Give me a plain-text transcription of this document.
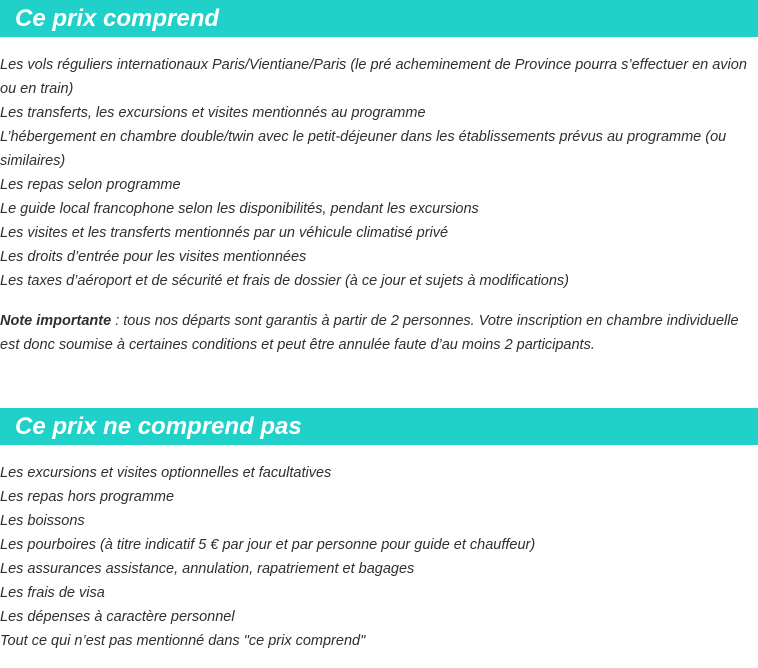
Ce prix comprend

Les vols réguliers internationaux Paris/Vientiane/Paris (le pré acheminement de Province pourra s’effectuer en avion ou en train)

Les transferts, les excursions et visites mentionnés au programme

L’hébergement en chambre double/twin avec le petit-déjeuner dans les établissements prévus au programme (ou similaires)

Les repas selon programme

Le guide local francophone selon les disponibilités, pendant les excursions

Les visites et les transferts mentionnés par un véhicule climatisé privé

Les droits d’entrée pour les visites mentionnées

Les taxes d’aéroport et de sécurité et frais de dossier (à ce jour et sujets à modifications)

Note importante : tous nos départs sont garantis à partir de 2 personnes. Votre inscription en chambre individuelle est donc soumise à certaines conditions et peut être annulée faute d’au moins 2 participants.

Ce prix ne comprend pas

Les excursions et visites optionnelles et facultatives

Les repas hors programme

Les boissons

Les pourboires (à titre indicatif 5 € par jour et par personne pour guide et chauffeur)

Les assurances assistance, annulation, rapatriement et bagages

Les frais de visa

Les dépenses à caractère personnel

Tout ce qui n’est pas mentionné dans "ce prix comprend"
